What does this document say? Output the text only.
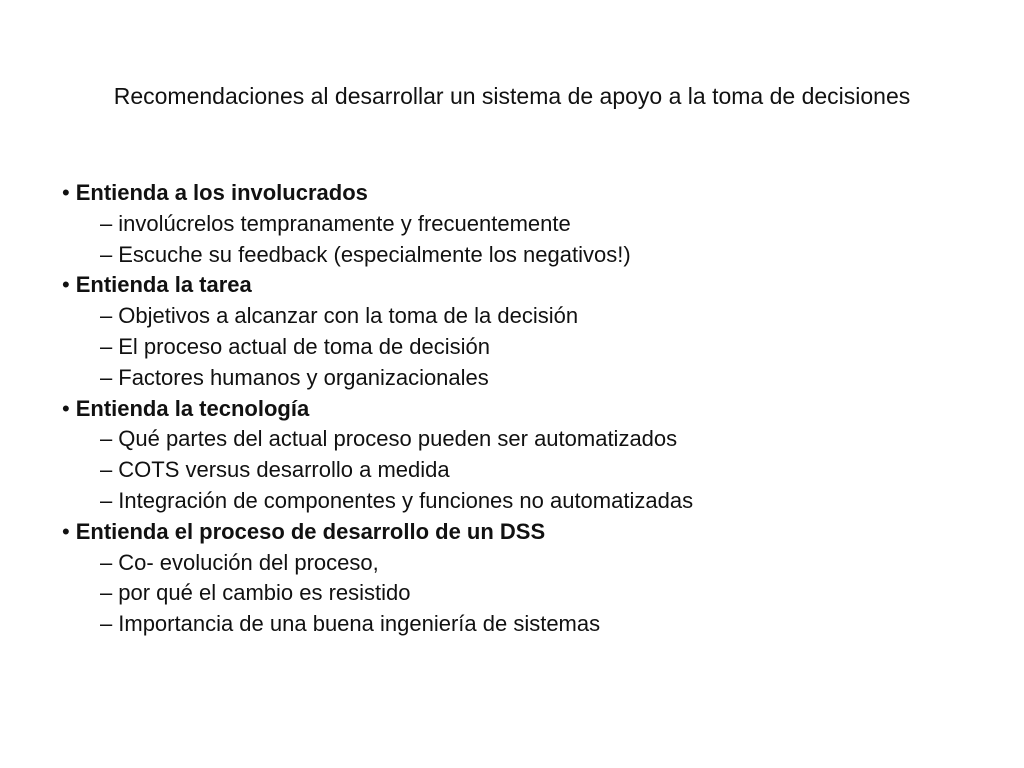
Recomendaciones al desarrollar un sistema de apoyo a la toma de decisiones
• Entienda a los involucrados
– involúcrelos tempranamente y frecuentemente
– Escuche su feedback (especialmente los negativos!)
• Entienda la tarea
– Objetivos a alcanzar con la toma de la decisión
– El proceso actual de toma de decisión
– Factores humanos y organizacionales
• Entienda la tecnología
– Qué partes del actual proceso pueden ser automatizados
– COTS versus desarrollo a medida
– Integración de componentes y funciones no automatizadas
• Entienda el proceso de desarrollo de un DSS
– Co- evolución del proceso,
– por qué el cambio es resistido
– Importancia de una buena ingeniería de sistemas
